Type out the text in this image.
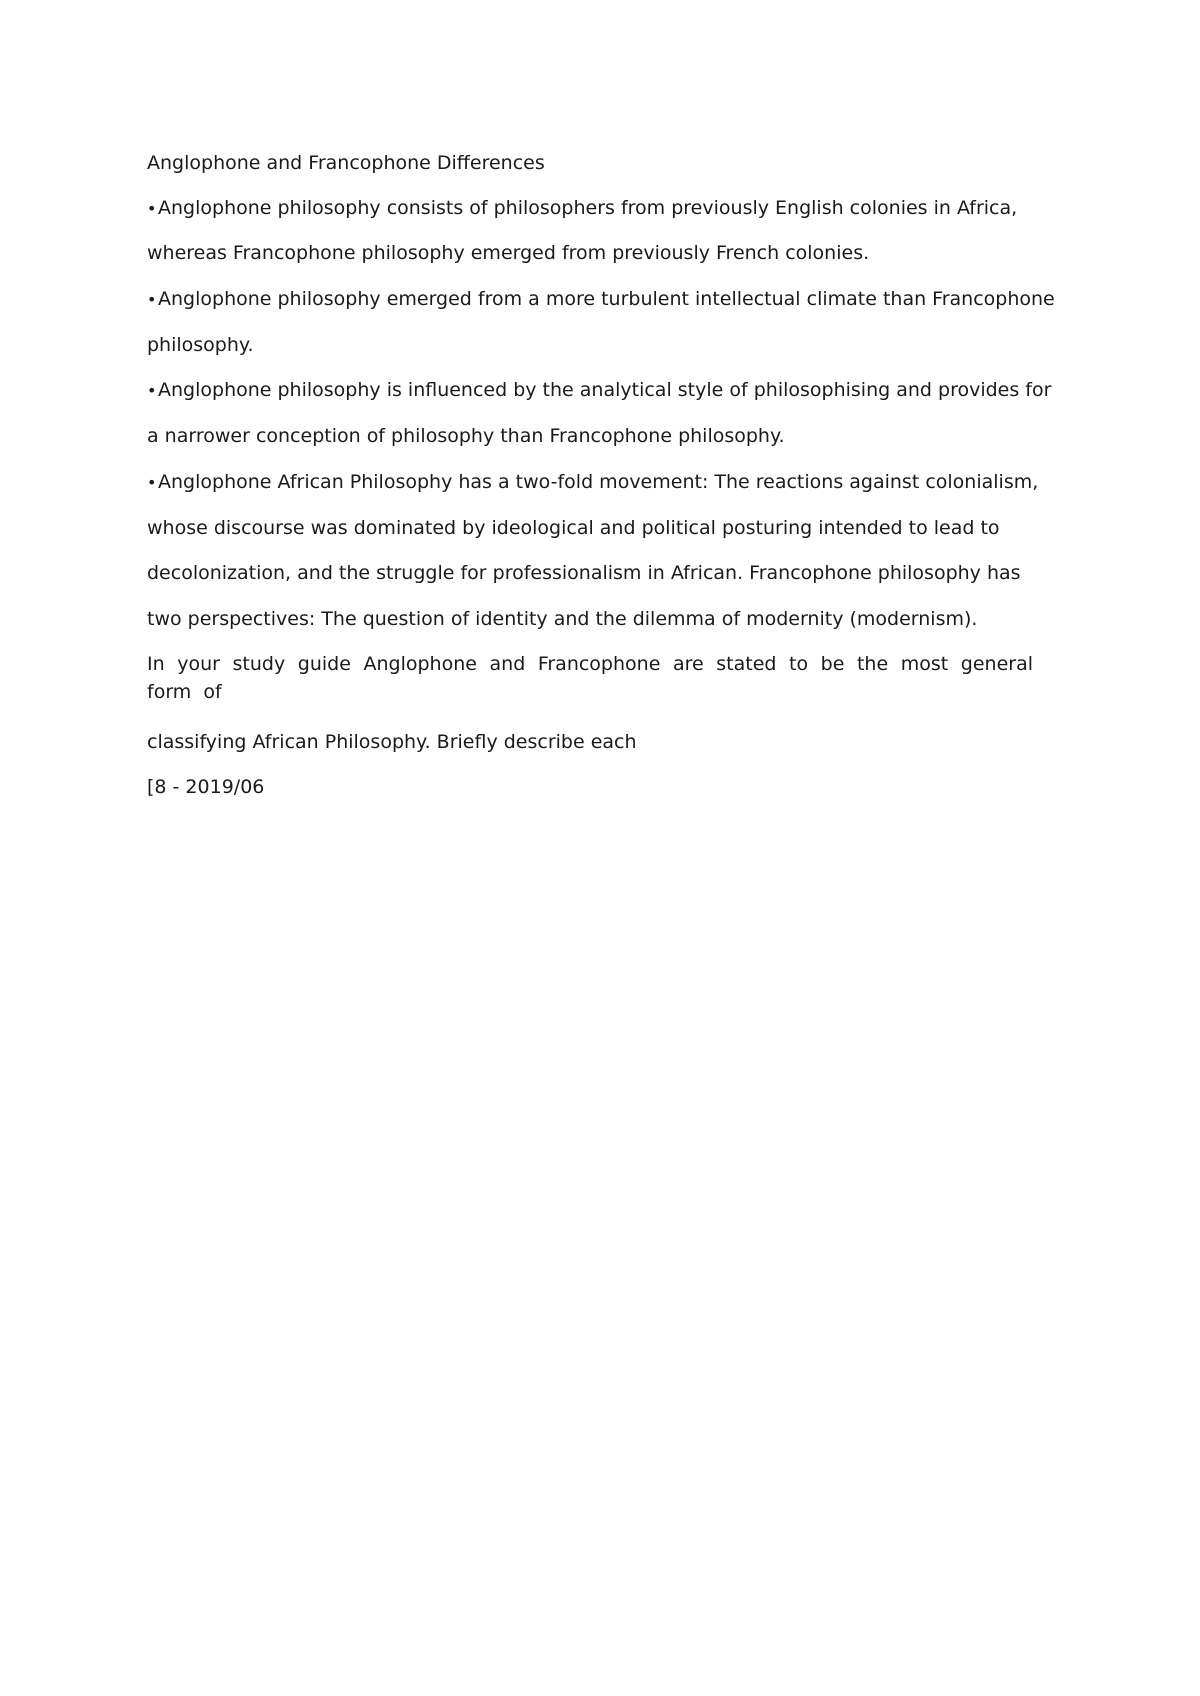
Anglophone and Francophone Differences
•Anglophone philosophy consists of philosophers from previously English colonies in Africa,
whereas Francophone philosophy emerged from previously French colonies.
•Anglophone philosophy emerged from a more turbulent intellectual climate than Francophone
philosophy.
•Anglophone philosophy is influenced by the analytical style of philosophising and provides for
a narrower conception of philosophy than Francophone philosophy.
•Anglophone African Philosophy has a two-fold movement: The reactions against colonialism,
whose discourse was dominated by ideological and political posturing intended to lead to
decolonization, and the struggle for professionalism in African. Francophone philosophy has
two perspectives: The question of identity and the dilemma of modernity (modernism).
In your study guide Anglophone and Francophone are stated to be the most general form of
classifying African Philosophy. Briefly describe each
[8 - 2019/06
